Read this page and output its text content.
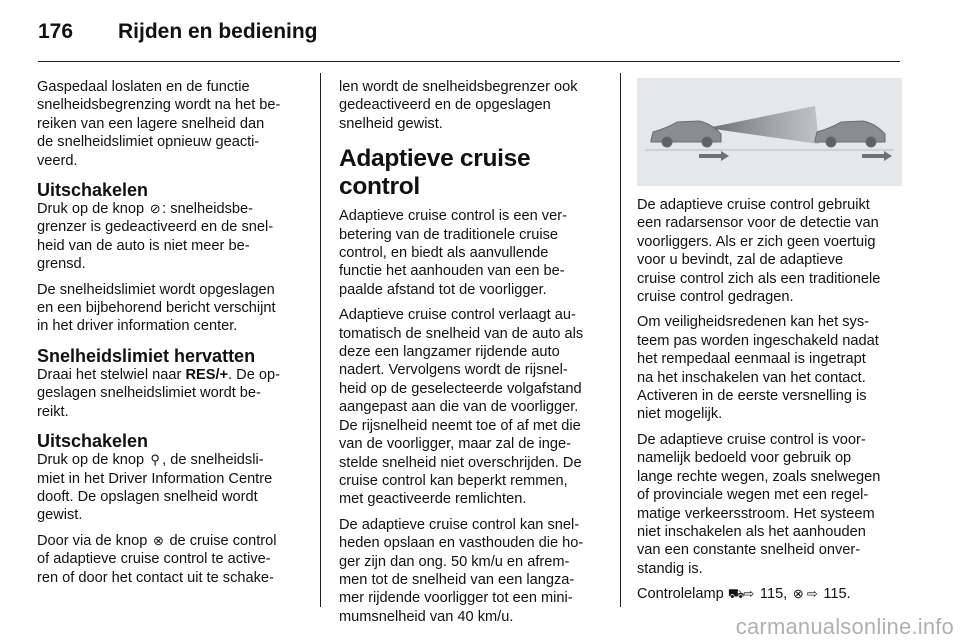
176 Rijden en bediening

Gaspedaal loslaten en de functie
snelheidsbegrenzing wordt na het be-
reiken van een lagere snelheid dan
de snelheidslimiet opnieuw geacti-
veerd.

Uitschakelen

Druk op de knop ⊘ : snelheidsbe-
grenzer is gedeactiveerd en de snel-
heid van de auto is niet meer be-
grensd.

De snelheidslimiet wordt opgeslagen
en een bijbehorend bericht verschijnt
in het driver information center.

Snelheidslimiet hervatten

Draai het stelwiel naar RES/+. De op-
geslagen snelheidslimiet wordt be-
reikt.

Uitschakelen

Druk op de knop ⚲ , de snelheidsli-
miet in het Driver Information Centre
dooft. De opslagen snelheid wordt
gewist.

Door via de knop ⊗ de cruise control
of adaptieve cruise control te active-
ren of door het contact uit te schake-

len wordt de snelheidsbegrenzer ook
gedeactiveerd en de opgeslagen
snelheid gewist.

Adaptieve cruise control

Adaptieve cruise control is een ver-
betering van de traditionele cruise
control, en biedt als aanvullende
functie het aanhouden van een be-
paalde afstand tot de voorligger.

Adaptieve cruise control verlaagt au-
tomatisch de snelheid van de auto als
deze een langzamer rijdende auto
nadert. Vervolgens wordt de rijsnel-
heid op de geselecteerde volgafstand
aangepast aan die van de voorligger.
De rijsnelheid neemt toe of af met die
van de voorligger, maar zal de inge-
stelde snelheid niet overschrijden. De
cruise control kan beperkt remmen,
met geactiveerde remlichten.

De adaptieve cruise control kan snel-
heden opslaan en vasthouden die ho-
ger zijn dan ong. 50 km/u en afrem-
men tot de snelheid van een langza-
mer rijdende voorligger tot een mini-
mumsnelheid van 40 km/u.

De adaptieve cruise control gebruikt
een radarsensor voor de detectie van
voorliggers. Als er zich geen voertuig
voor u bevindt, zal de adaptieve
cruise control zich als een traditionele
cruise control gedragen.

Om veiligheidsredenen kan het sys-
teem pas worden ingeschakeld nadat
het rempedaal eenmaal is ingetrapt
na het inschakelen van het contact.
Activeren in de eerste versnelling is
niet mogelijk.

De adaptieve cruise control is voor-
namelijk bedoeld voor gebruik op
lange rechte wegen, zoals snelwegen
of provinciale wegen met een regel-
matige verkeersstroom. Het systeem
niet inschakelen als het aanhouden
van een constante snelheid onver-
standig is.

Controlelamp ⛟⇨ 115, ⊗ ⇨ 115.

carmanualsonline.info
